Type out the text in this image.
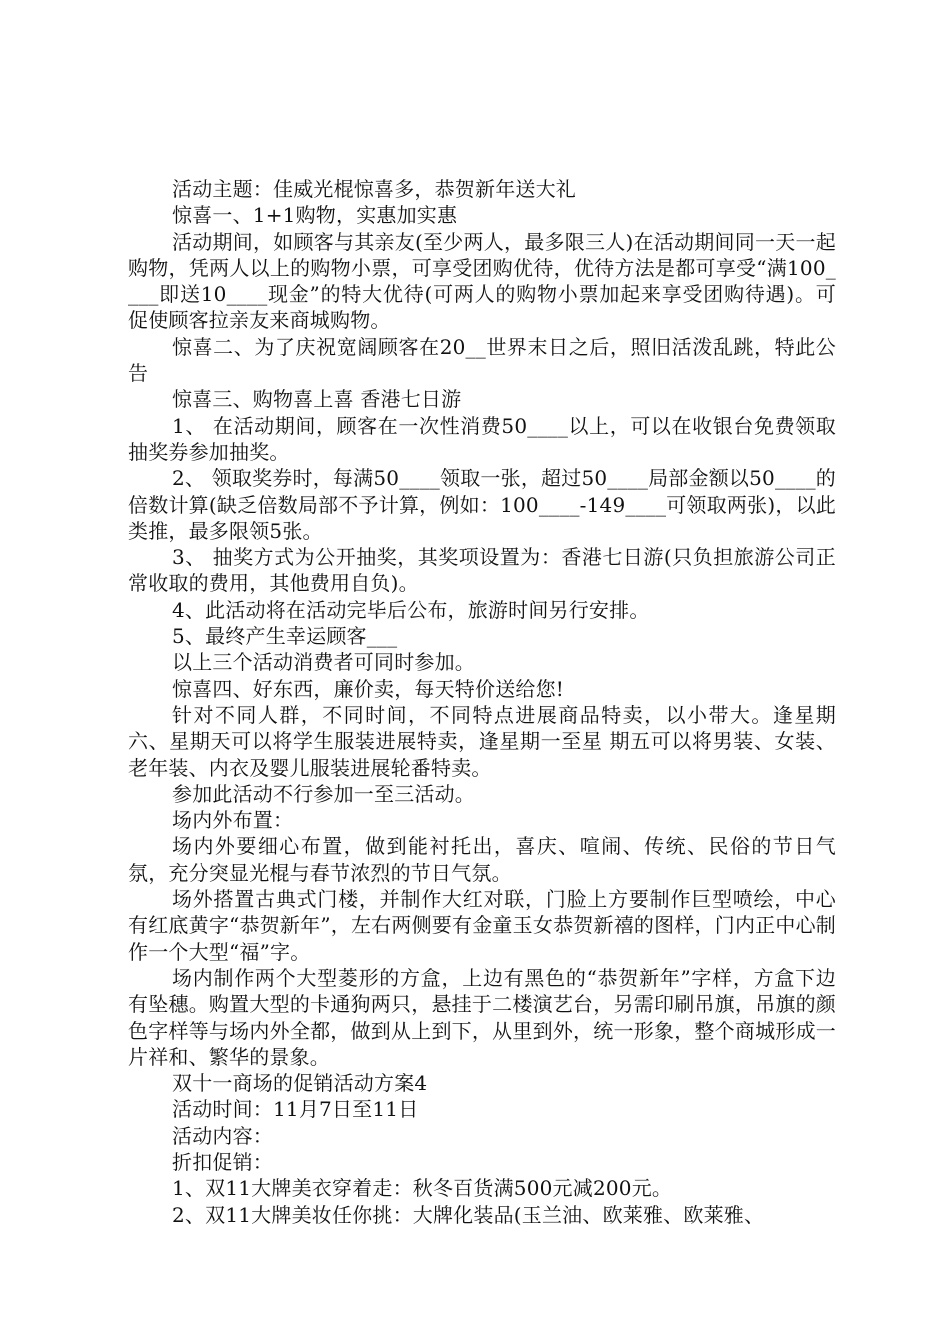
活动主题：佳威光棍惊喜多，恭贺新年送大礼

惊喜一、1+1购物，实惠加实惠

活动期间，如顾客与其亲友(至少两人，最多限三人)在活动期间同一天一起购物，凭两人以上的购物小票，可享受团购优待，优待方法是都可享受“满100____即送10____现金”的特大优待(可两人的购物小票加起来享受团购待遇)。可促使顾客拉亲友来商城购物。

惊喜二、为了庆祝宽阔顾客在20__世界末日之后，照旧活泼乱跳，特此公告

惊喜三、购物喜上喜 香港七日游

1、 在活动期间，顾客在一次性消费50____以上，可以在收银台免费领取抽奖券参加抽奖。

2、 领取奖券时，每满50____领取一张，超过50____局部金额以50____的倍数计算(缺乏倍数局部不予计算，例如：100____-149____可领取两张)，以此类推，最多限领5张。

3、 抽奖方式为公开抽奖，其奖项设置为：香港七日游(只负担旅游公司正常收取的费用，其他费用自负)。

4、此活动将在活动完毕后公布，旅游时间另行安排。

5、最终产生幸运顾客___

以上三个活动消费者可同时参加。

惊喜四、好东西，廉价卖，每天特价送给您!

针对不同人群，不同时间，不同特点进展商品特卖，以小带大。逢星期六、星期天可以将学生服装进展特卖，逢星期一至星 期五可以将男装、女装、老年装、内衣及婴儿服装进展轮番特卖。

参加此活动不行参加一至三活动。

场内外布置：

场内外要细心布置，做到能衬托出，喜庆、喧闹、传统、民俗的节日气氛，充分突显光棍与春节浓烈的节日气氛。

场外搭置古典式门楼，并制作大红对联，门脸上方要制作巨型喷绘，中心有红底黄字“恭贺新年”，左右两侧要有金童玉女恭贺新禧的图样，门内正中心制作一个大型“福”字。

场内制作两个大型菱形的方盒，上边有黑色的“恭贺新年”字样，方盒下边有坠穗。购置大型的卡通狗两只，悬挂于二楼演艺台，另需印刷吊旗，吊旗的颜色字样等与场内外全都，做到从上到下，从里到外，统一形象，整个商城形成一片祥和、繁华的景象。

双十一商场的促销活动方案4

活动时间：11月7日至11日

活动内容：

折扣促销：

1、双11大牌美衣穿着走：秋冬百货满500元减200元。

2、双11大牌美妆任你挑：大牌化装品(玉兰油、欧莱雅、欧莱雅、
